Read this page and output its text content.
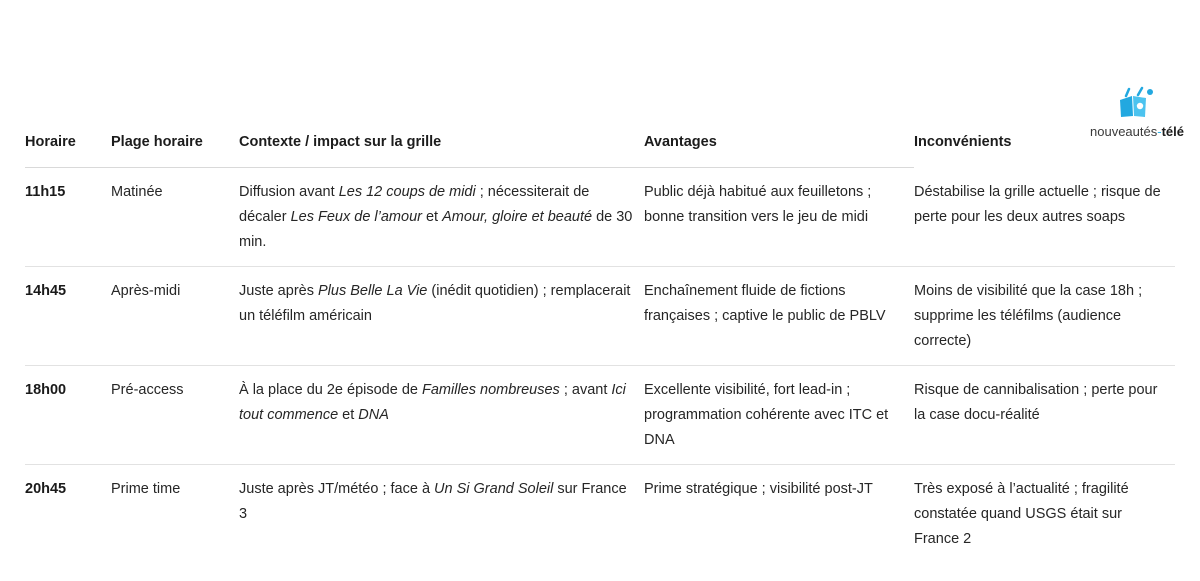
nouveautés-télé
Horaire	Plage horaire	Contexte / impact sur la grille	Avantages	Inconvénients
11h15	Matinée	Diffusion avant Les 12 coups de midi ; nécessiterait de décaler Les Feux de l’amour et Amour, gloire et beauté de 30 min.	Public déjà habitué aux feuilletons ; bonne transition vers le jeu de midi	Déstabilise la grille actuelle ; risque de perte pour les deux autres soaps
14h45	Après-midi	Juste après Plus Belle La Vie (inédit quotidien) ; remplacerait un téléfilm américain	Enchaînement fluide de fictions françaises ; captive le public de PBLV	Moins de visibilité que la case 18h ; supprime les téléfilms (audience correcte)
18h00	Pré-access	À la place du 2e épisode de Familles nombreuses ; avant Ici tout commence et DNA	Excellente visibilité, fort lead-in ; programmation cohérente avec ITC et DNA	Risque de cannibalisation ; perte pour la case docu-réalité
20h45	Prime time	Juste après JT/météo ; face à Un Si Grand Soleil sur France 3	Prime stratégique ; visibilité post-JT	Très exposé à l’actualité ; fragilité constatée quand USGS était sur France 2
